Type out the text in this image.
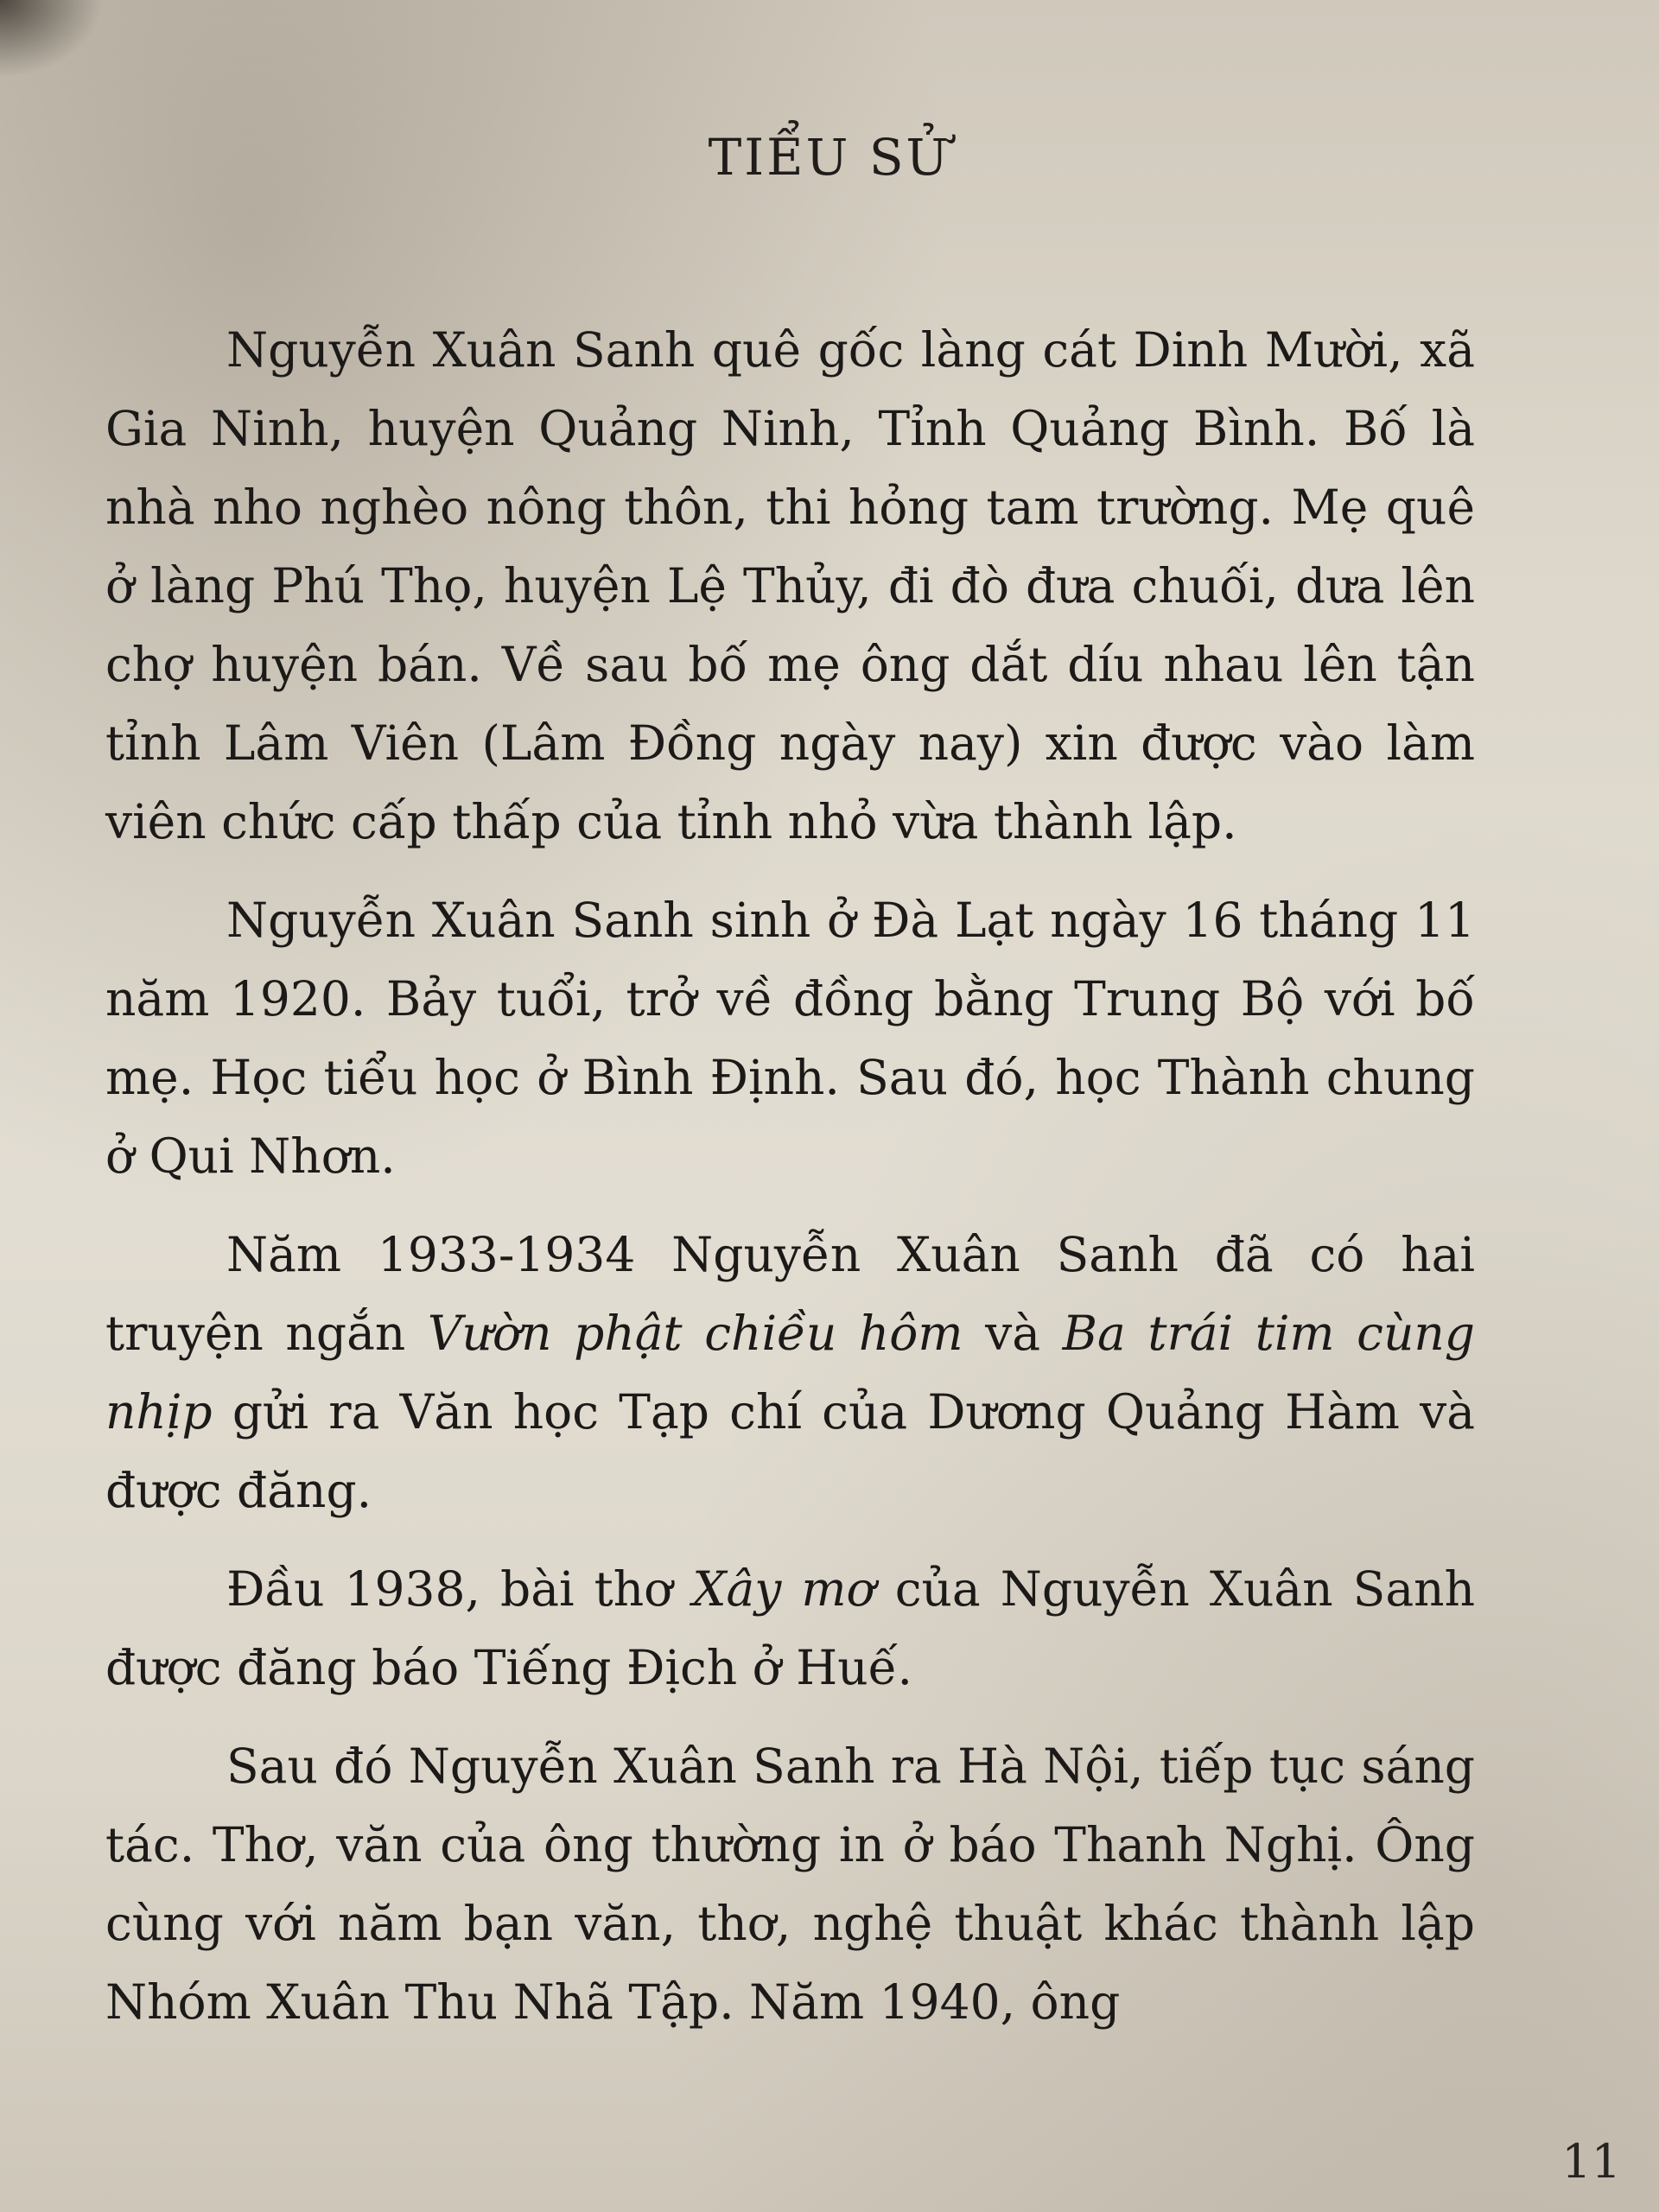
TIỂU SỬ

Nguyễn Xuân Sanh quê gốc làng cát Dinh Mười, xã Gia Ninh, huyện Quảng Ninh, Tỉnh Quảng Bình. Bố là nhà nho nghèo nông thôn, thi hỏng tam trường. Mẹ quê ở làng Phú Thọ, huyện Lệ Thủy, đi đò đưa chuối, dưa lên chợ huyện bán. Về sau bố mẹ ông dắt díu nhau lên tận tỉnh Lâm Viên (Lâm Đồng ngày nay) xin được vào làm viên chức cấp thấp của tỉnh nhỏ vừa thành lập.

Nguyễn Xuân Sanh sinh ở Đà Lạt ngày 16 tháng 11 năm 1920. Bảy tuổi, trở về đồng bằng Trung Bộ với bố mẹ. Học tiểu học ở Bình Định. Sau đó, học Thành chung ở Qui Nhơn.

Năm 1933-1934 Nguyễn Xuân Sanh đã có hai truyện ngắn Vườn phật chiều hôm và Ba trái tim cùng nhịp gửi ra Văn học Tạp chí của Dương Quảng Hàm và được đăng.

Đầu 1938, bài thơ Xây mơ của Nguyễn Xuân Sanh được đăng báo Tiếng Địch ở Huế.

Sau đó Nguyễn Xuân Sanh ra Hà Nội, tiếp tục sáng tác. Thơ, văn của ông thường in ở báo Thanh Nghị. Ông cùng với năm bạn văn, thơ, nghệ thuật khác thành lập Nhóm Xuân Thu Nhã Tập. Năm 1940, ông

11
